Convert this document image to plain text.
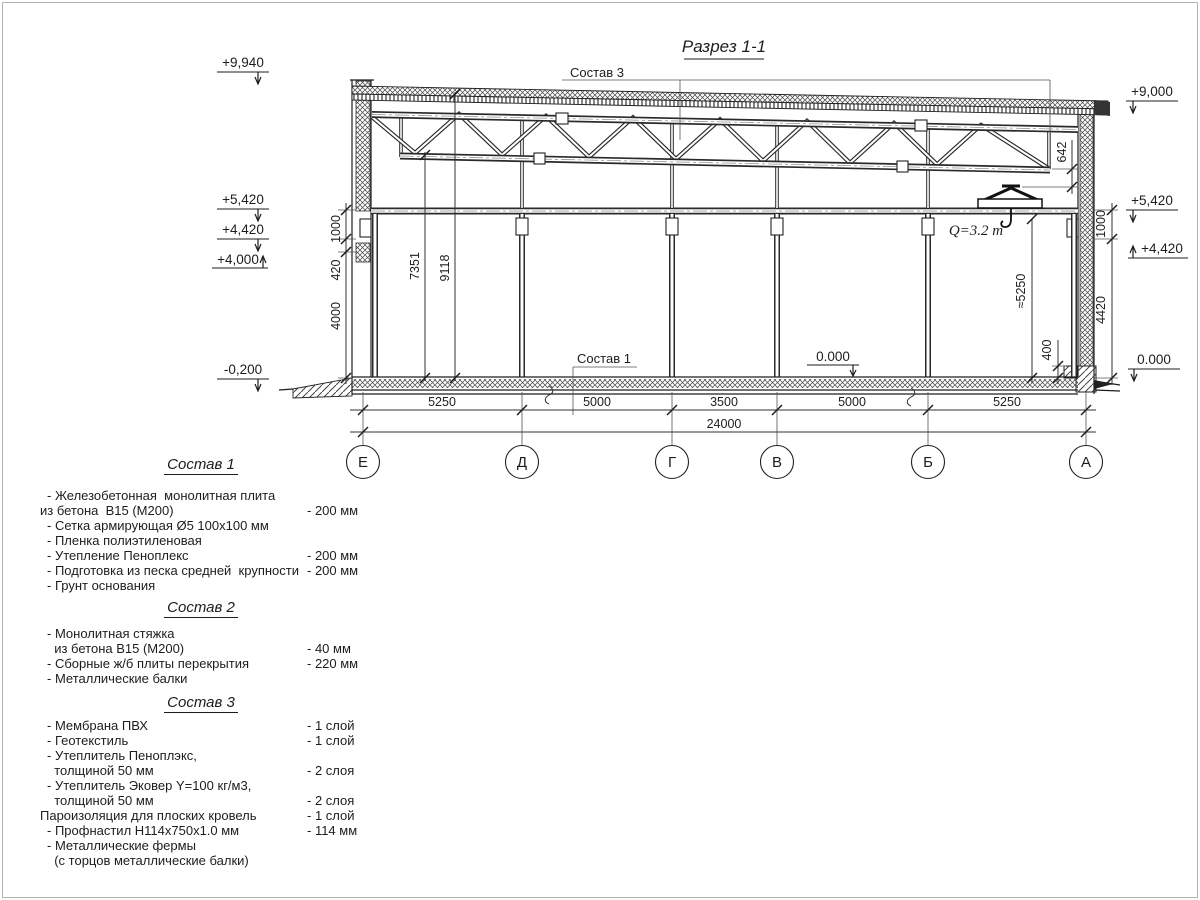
Разрез 1-1
Q=3.2 т
+9,940
+5,420
+4,420
+4,000
-0,200
+9,000
+5,420
+4,420
0.000
0.000
1000
420
4000
7351 9118
642
≈5250
400
1000
4420
5250	5000	3500	5000	5250
24000
Состав 3
Состав 1
Е	Д	Г	В	Б	А
Состав 1
- Железобетонная  монолитная плита
из бетона  В15 (М200)	- 200 мм
- Сетка армирующая Ø5 100х100 мм
- Пленка полиэтиленовая
- Утепление Пеноплекс	- 200 мм
- Подготовка из песка средней  крупности - 200 мм
- Грунт основания
Состав 2
- Монолитная стяжка
из бетона В15 (М200)	- 40 мм
- Сборные ж/б плиты перекрытия	- 220 мм
- Металлические балки
Состав 3
- Мембрана ПВХ	- 1 слой
- Геотекстиль	- 1 слой
- Утеплитель Пеноплэкс,
толщиной 50 мм	- 2 слоя
- Утеплитель Эковер Y=100 кг/м3,
толщиной 50 мм	- 2 слоя
Пароизоляция для плоских кровель	- 1 слой
- Профнастил Н114х750х1.0 мм	- 114 мм
- Металлические фермы
(с торцов металлические балки)
